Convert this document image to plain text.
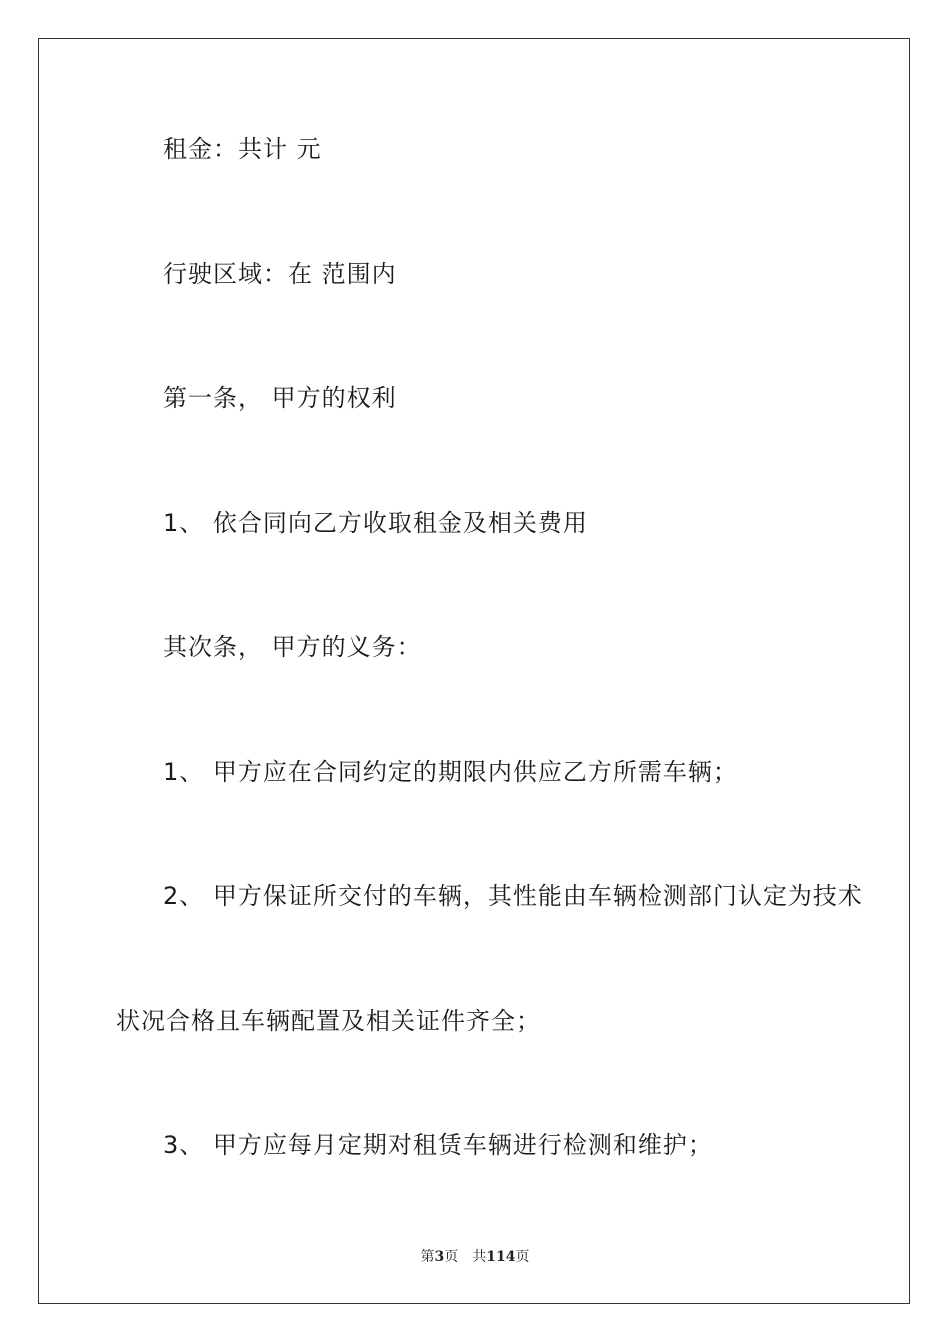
租金：共计 元

行驶区域：在 范围内

第一条， 甲方的权利

1、 依合同向乙方收取租金及相关费用

其次条， 甲方的义务：

1、 甲方应在合同约定的期限内供应乙方所需车辆；

2、 甲方保证所交付的车辆，其性能由车辆检测部门认定为技术

状况合格且车辆配置及相关证件齐全；

3、 甲方应每月定期对租赁车辆进行检测和维护；

第3页 共114页
